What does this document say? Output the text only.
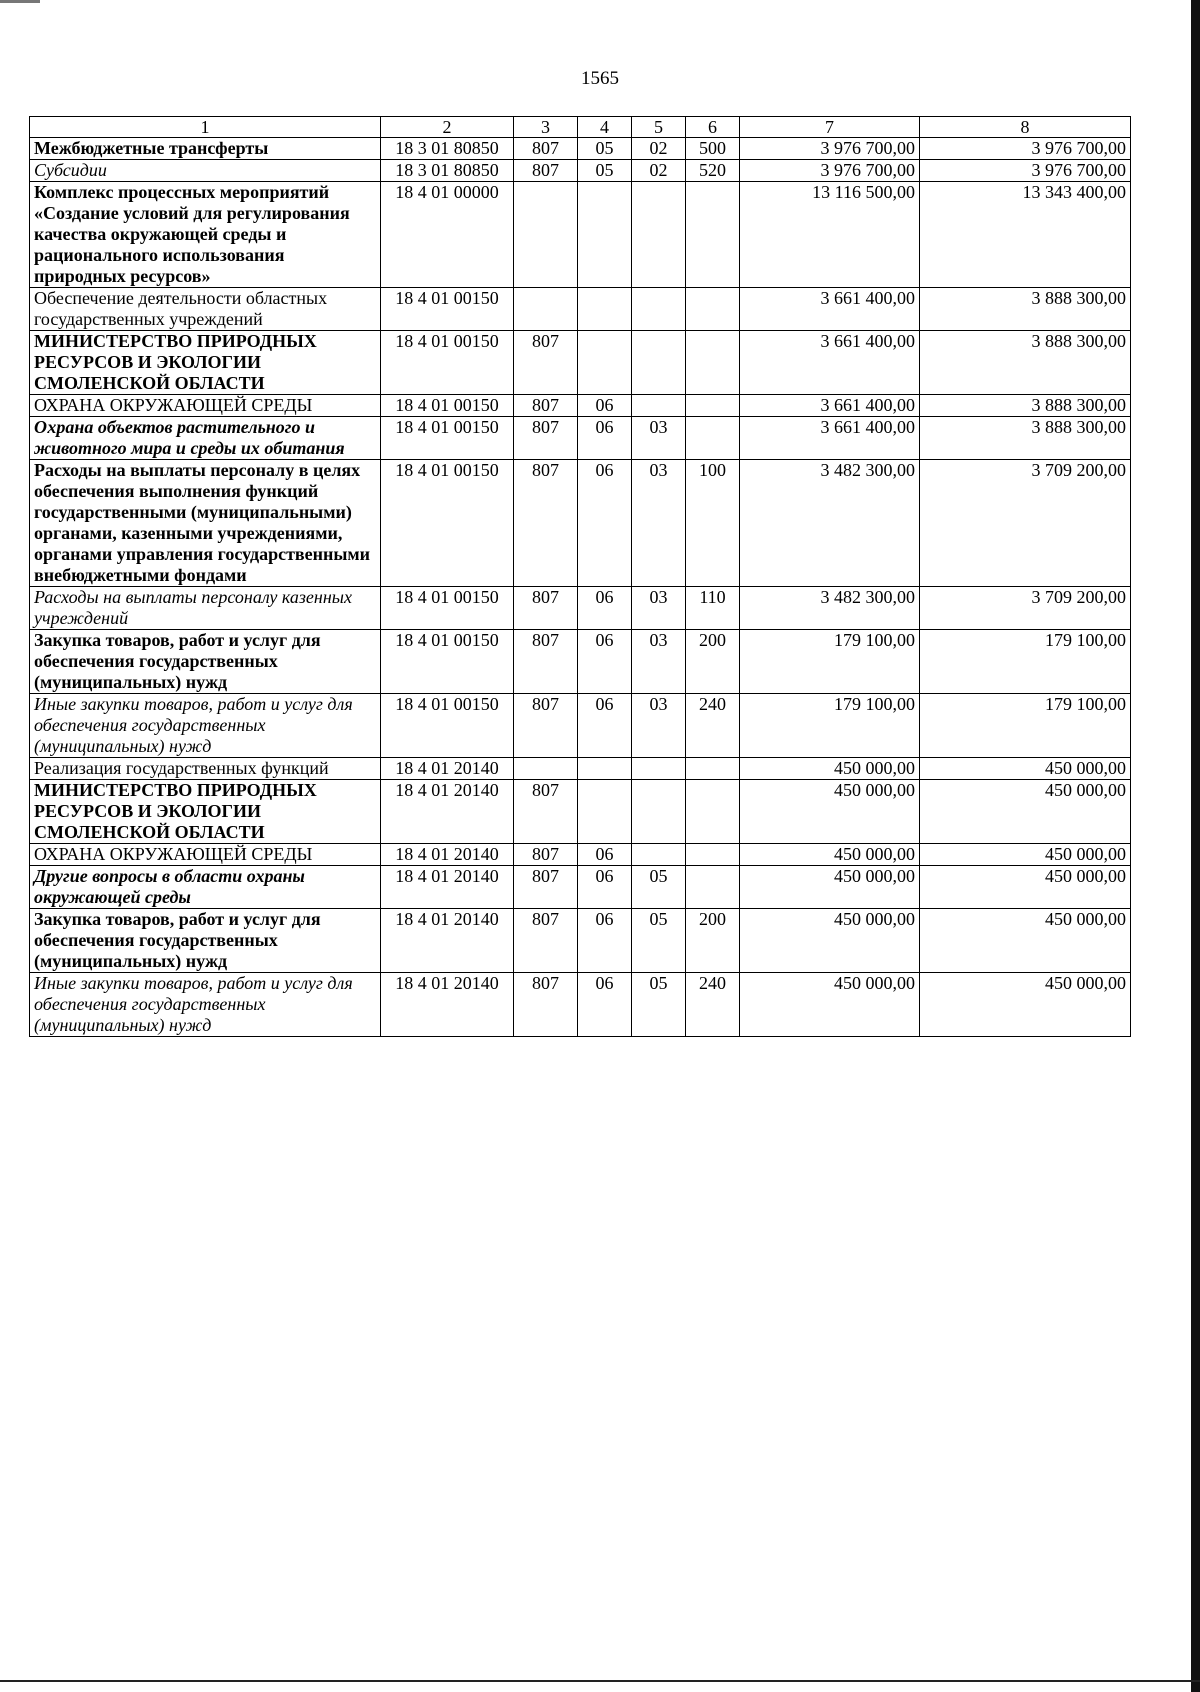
1565
1	2	3	4	5	6	7	8
Межбюджетные трансферты	18 3 01 80850	807	05	02	500	3 976 700,00	3 976 700,00
Субсидии	18 3 01 80850	807	05	02	520	3 976 700,00	3 976 700,00
Комплекс процессных мероприятий «Создание условий для регулирования качества окружающей среды и рационального использования природных ресурсов»	18 4 01 00000					13 116 500,00	13 343 400,00
Обеспечение деятельности областных государственных учреждений	18 4 01 00150					3 661 400,00	3 888 300,00
МИНИСТЕРСТВО ПРИРОДНЫХ РЕСУРСОВ И ЭКОЛОГИИ СМОЛЕНСКОЙ ОБЛАСТИ	18 4 01 00150	807				3 661 400,00	3 888 300,00
ОХРАНА ОКРУЖАЮЩЕЙ СРЕДЫ	18 4 01 00150	807	06			3 661 400,00	3 888 300,00
Охрана объектов растительного и животного мира и среды их обитания	18 4 01 00150	807	06	03		3 661 400,00	3 888 300,00
Расходы на выплаты персоналу в целях обеспечения выполнения функций государственными (муниципальными) органами, казенными учреждениями, органами управления государственными внебюджетными фондами	18 4 01 00150	807	06	03	100	3 482 300,00	3 709 200,00
Расходы на выплаты персоналу казенных учреждений	18 4 01 00150	807	06	03	110	3 482 300,00	3 709 200,00
Закупка товаров, работ и услуг для обеспечения государственных (муниципальных) нужд	18 4 01 00150	807	06	03	200	179 100,00	179 100,00
Иные закупки товаров, работ и услуг для обеспечения государственных (муниципальных) нужд	18 4 01 00150	807	06	03	240	179 100,00	179 100,00
Реализация государственных функций	18 4 01 20140					450 000,00	450 000,00
МИНИСТЕРСТВО ПРИРОДНЫХ РЕСУРСОВ И ЭКОЛОГИИ СМОЛЕНСКОЙ ОБЛАСТИ	18 4 01 20140	807				450 000,00	450 000,00
ОХРАНА ОКРУЖАЮЩЕЙ СРЕДЫ	18 4 01 20140	807	06			450 000,00	450 000,00
Другие вопросы в области охраны окружающей среды	18 4 01 20140	807	06	05		450 000,00	450 000,00
Закупка товаров, работ и услуг для обеспечения государственных (муниципальных) нужд	18 4 01 20140	807	06	05	200	450 000,00	450 000,00
Иные закупки товаров, работ и услуг для обеспечения государственных (муниципальных) нужд	18 4 01 20140	807	06	05	240	450 000,00	450 000,00
